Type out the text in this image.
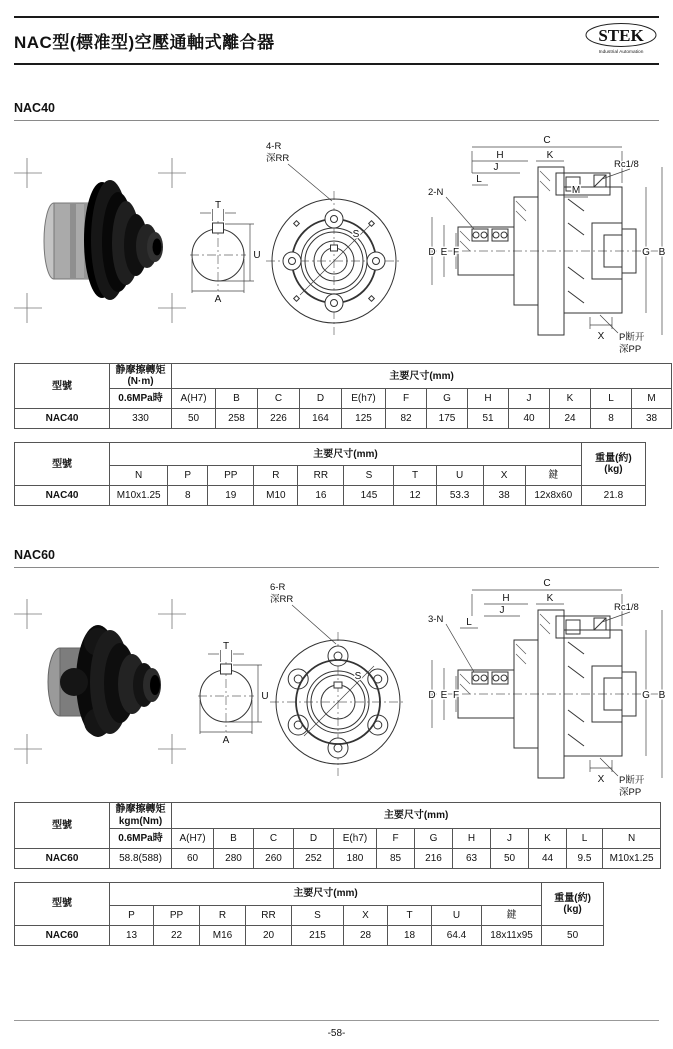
NAC型(標准型)空壓通軸式離合器	STEK
Industrial Automation
NAC40
T
U
A
4-R
深RR
S
C
H	K
J
L
2-N	M
Rc1/8
D E F	G B
X P断开
深PP
型號	静摩擦轉矩
(N·m)	主要尺寸(mm)											
	0.6MPa時	A(H7)	B	C	D	E(h7)	F	G	H	J	K	L	M
NAC40	330	50	258	226	164	125	82	175	51	40	24	8	38
型號	主要尺寸(mm)										重量(約)
(kg)

	N	P	PP	R	RR	S	T	U	X	鍵	
NAC40	M10x1.25	8	19	M10	16	145	12	53.3	38	12x8x60	21.8
NAC60
T
U
A
6-R
深RR
S
C
H	K
J
L
3-N
Rc1/8
D E F	G B
X P断开
深PP
型號	静摩擦轉矩
kgm(Nm)	主要尺寸(mm)											
	0.6MPa時	A(H7)	B	C	D	E(h7)	F	G	H	J	K	L	N
NAC60	58.8(588)	60	280	260	252	180	85	216	63	50	44	9.5	M10x1.25
型號	主要尺寸(mm)									重量(約)
(kg)

	P	PP	R	RR	S	X	T	U	鍵	
NAC60	13	22	M16	20	215	28	18	64.4	18x11x95	50
-58-
